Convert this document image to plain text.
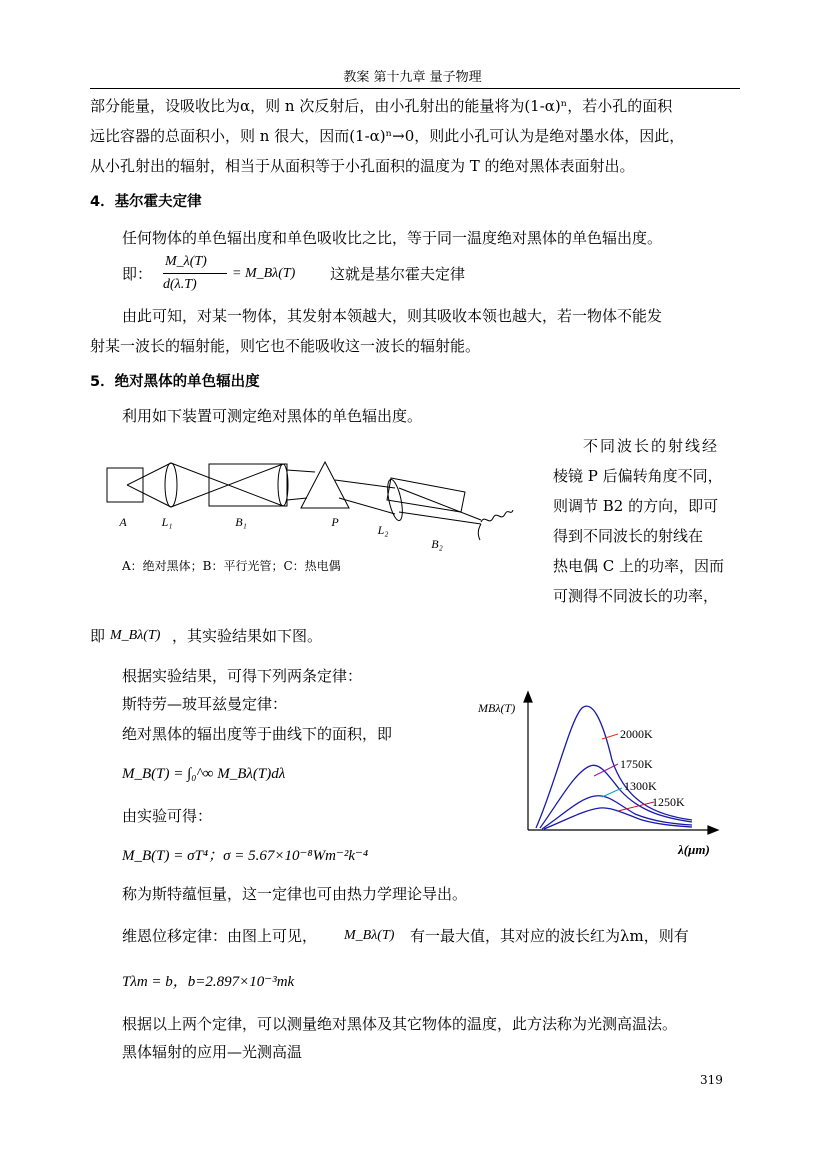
教案 第十九章 量子物理
部分能量，设吸收比为α，则 n 次反射后，由小孔射出的能量将为(1-α)ⁿ，若小孔的面积
远比容器的总面积小，则 n 很大，因而(1-α)ⁿ→0，则此小孔可认为是绝对墨水体，因此，
从小孔射出的辐射，相当于从面积等于小孔面积的温度为 T 的绝对黑体表面射出。
4．基尔霍夫定律
任何物体的单色辐出度和单色吸收比之比，等于同一温度绝对黑体的单色辐出度。
即：
M_λ(T)
d(λ.T)
= M_Bλ(T) 这就是基尔霍夫定律
由此可知，对某一物体，其发射本领越大，则其吸收本领也越大，若一物体不能发
射某一波长的辐射能，则它也不能吸收这一波长的辐射能。
5．绝对黑体的单色辐出度
利用如下装置可测定绝对黑体的单色辐出度。
不同波长的射线经
棱镜 P 后偏转角度不同，
则调节 B2 的方向，即可
得到不同波长的射线在
热电偶 C 上的功率，因而
可测得不同波长的功率，
A	L₁	B₁	P
L₂
B₂
A：绝对黑体；B：平行光管；C：热电偶
即 M_Bλ(T) ，其实验结果如下图。
根据实验结果，可得下列两条定律：
斯特劳—玻耳兹曼定律：
绝对黑体的辐出度等于曲线下的面积，即
M_B(T) = ∫₀^∞ M_Bλ(T)dλ
由实验可得：
M_B(T) = σT⁴；σ = 5.67×10⁻⁸Wm⁻²k⁻⁴
称为斯特蕴恒量，这一定律也可由热力学理论导出。
维恩位移定律：由图上可见， M_Bλ(T) 有一最大值，其对应的波长红为λm，则有
Tλm = b，b=2.897×10⁻³mk
根据以上两个定律，可以测量绝对黑体及其它物体的温度，此方法称为光测高温法。
黑体辐射的应用—光测高温
MBλ(T)
λ(μm)
2000K
1750K
1300K
1250K
319
